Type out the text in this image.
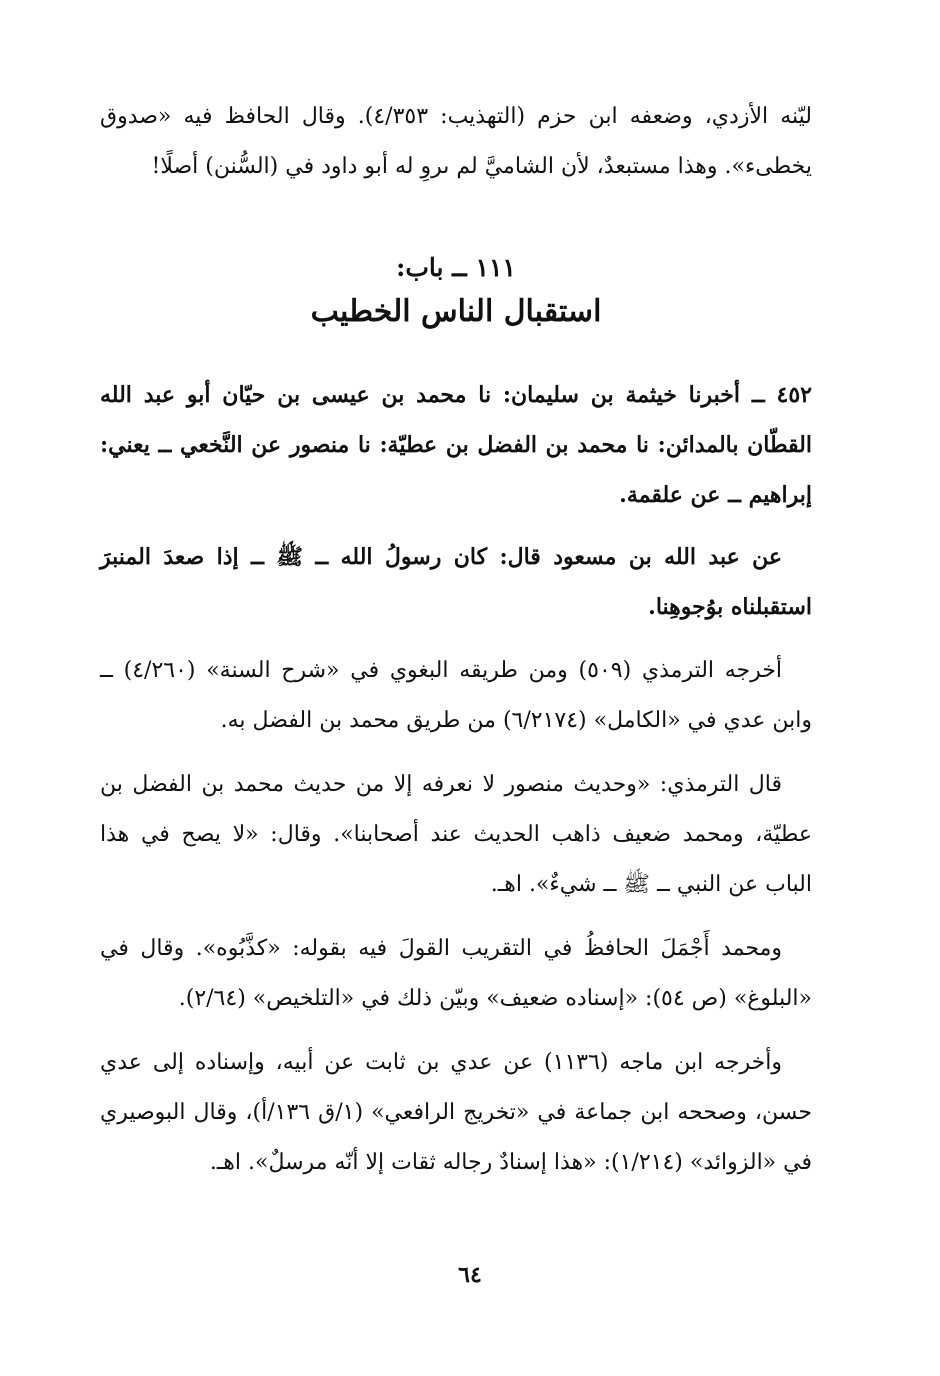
ليّنه الأزدي، وضعفه ابن حزم (التهذيب: ٤/٣٥٣). وقال الحافظ فيه «صدوق يخطىء». وهذا مستبعدٌ، لأن الشاميَّ لم ىروِ له أبو داود في (السُّنن) أصلًا!

١١١ ــ باب:
استقبال الناس الخطيب

٤٥٢ ــ أخبرنا خيثمة بن سليمان: نا محمد بن عيسى بن حيّان أبو عبد الله القطّان بالمدائن: نا محمد بن الفضل بن عطيّة: نا منصور عن النَّخعي ــ يعني: إبراهيم ــ عن علقمة.

عن عبد الله بن مسعود قال: كان رسولُ الله ــ ﷺ ــ إذا صعدَ المنبرَ استقبلناه بوُجوهِنا.

أخرجه الترمذي (٥٠٩) ومن طريقه البغوي في «شرح السنة» (٤/٢٦٠) ــ وابن عدي في «الكامل» (٦/٢١٧٤) من طريق محمد بن الفضل به.

قال الترمذي: «وحديث منصور لا نعرفه إلا من حديث محمد بن الفضل بن عطيّة، ومحمد ضعيف ذاهب الحديث عند أصحابنا». وقال: «لا يصح في هذا الباب عن النبي ــ ﷺ ــ شيءٌ». اهـ.

ومحمد أَجْمَلَ الحافظُ في التقريب القولَ فيه بقوله: «كذَّبُوه». وقال في «البلوغ» (ص ٥٤): «إسناده ضعيف» وبيّن ذلك في «التلخيص» (٢/٦٤).

وأخرجه ابن ماجه (١١٣٦) عن عدي بن ثابت عن أبيه، وإسناده إلى عدي حسن، وصححه ابن جماعة في «تخريج الرافعي» (١/ق ١٣٦/أ)، وقال البوصيري في «الزوائد» (١/٢١٤): «هذا إسنادٌ رجاله ثقات إلا أنّه مرسلٌ». اهـ.

٦٤
